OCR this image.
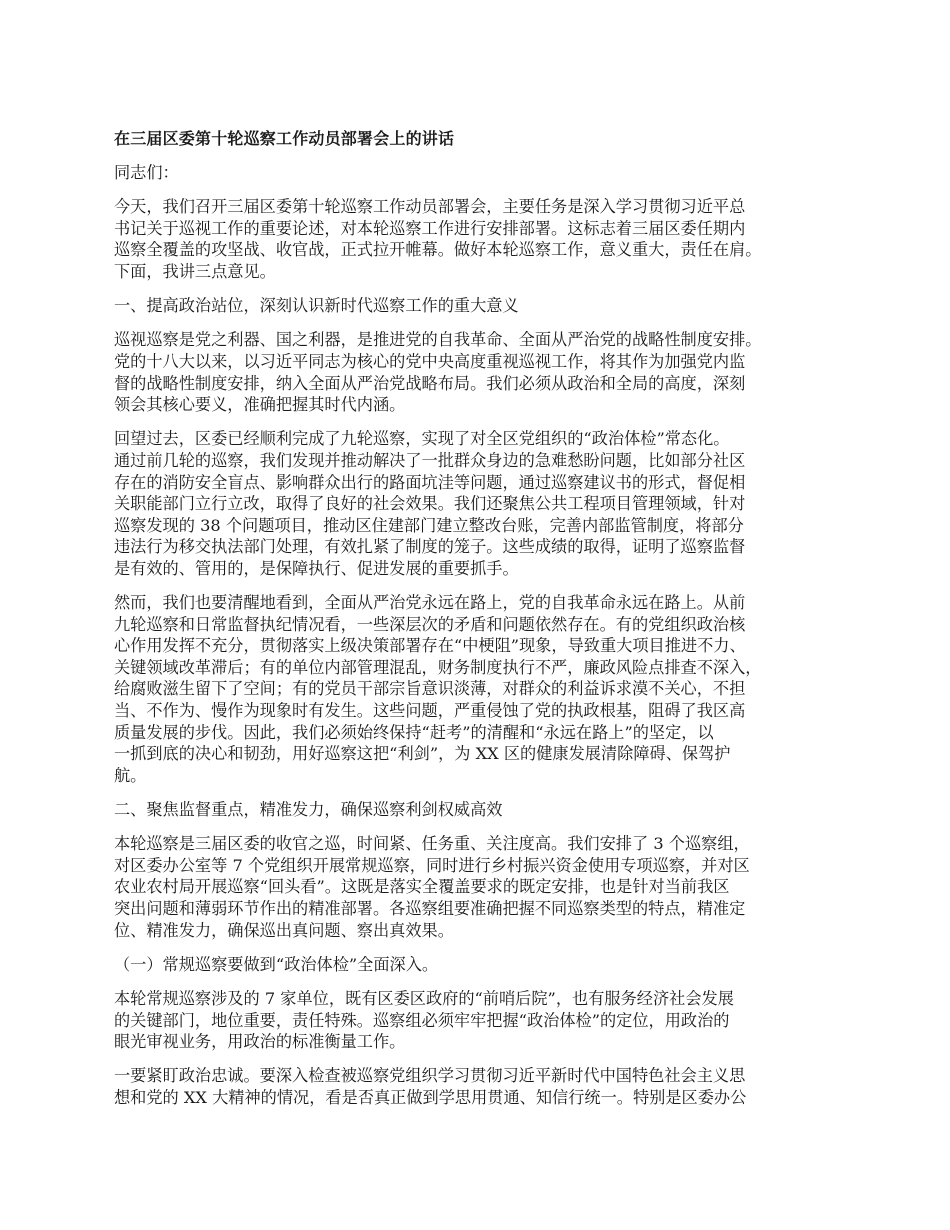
在三届区委第十轮巡察工作动员部署会上的讲话
同志们：
今天，我们召开三届区委第十轮巡察工作动员部署会，主要任务是深入学习贯彻习近平总
书记关于巡视工作的重要论述，对本轮巡察工作进行安排部署。这标志着三届区委任期内
巡察全覆盖的攻坚战、收官战，正式拉开帷幕。做好本轮巡察工作，意义重大，责任在肩。
下面，我讲三点意见。
一、提高政治站位，深刻认识新时代巡察工作的重大意义
巡视巡察是党之利器、国之利器，是推进党的自我革命、全面从严治党的战略性制度安排。
党的十八大以来，以习近平同志为核心的党中央高度重视巡视工作，将其作为加强党内监
督的战略性制度安排，纳入全面从严治党战略布局。我们必须从政治和全局的高度，深刻
领会其核心要义，准确把握其时代内涵。
回望过去，区委已经顺利完成了九轮巡察，实现了对全区党组织的“政治体检”常态化。
通过前几轮的巡察，我们发现并推动解决了一批群众身边的急难愁盼问题，比如部分社区
存在的消防安全盲点、影响群众出行的路面坑洼等问题，通过巡察建议书的形式，督促相
关职能部门立行立改，取得了良好的社会效果。我们还聚焦公共工程项目管理领域，针对
巡察发现的 38 个问题项目，推动区住建部门建立整改台账，完善内部监管制度，将部分
违法行为移交执法部门处理，有效扎紧了制度的笼子。这些成绩的取得，证明了巡察监督
是有效的、管用的，是保障执行、促进发展的重要抓手。
然而，我们也要清醒地看到，全面从严治党永远在路上，党的自我革命永远在路上。从前
九轮巡察和日常监督执纪情况看，一些深层次的矛盾和问题依然存在。有的党组织政治核
心作用发挥不充分，贯彻落实上级决策部署存在“中梗阻”现象，导致重大项目推进不力、
关键领域改革滞后；有的单位内部管理混乱，财务制度执行不严，廉政风险点排查不深入，
给腐败滋生留下了空间；有的党员干部宗旨意识淡薄，对群众的利益诉求漠不关心，不担
当、不作为、慢作为现象时有发生。这些问题，严重侵蚀了党的执政根基，阻碍了我区高
质量发展的步伐。因此，我们必须始终保持“赶考”的清醒和“永远在路上”的坚定，以
一抓到底的决心和韧劲，用好巡察这把“利剑”，为 XX 区的健康发展清除障碍、保驾护
航。
二、聚焦监督重点，精准发力，确保巡察利剑权威高效
本轮巡察是三届区委的收官之巡，时间紧、任务重、关注度高。我们安排了 3 个巡察组，
对区委办公室等 7 个党组织开展常规巡察，同时进行乡村振兴资金使用专项巡察，并对区
农业农村局开展巡察“回头看”。这既是落实全覆盖要求的既定安排，也是针对当前我区
突出问题和薄弱环节作出的精准部署。各巡察组要准确把握不同巡察类型的特点，精准定
位、精准发力，确保巡出真问题、察出真效果。
（一）常规巡察要做到“政治体检”全面深入。
本轮常规巡察涉及的 7 家单位，既有区委区政府的“前哨后院”，也有服务经济社会发展
的关键部门，地位重要，责任特殊。巡察组必须牢牢把握“政治体检”的定位，用政治的
眼光审视业务，用政治的标准衡量工作。
一要紧盯政治忠诚。要深入检查被巡察党组织学习贯彻习近平新时代中国特色社会主义思
想和党的 XX 大精神的情况，看是否真正做到学思用贯通、知信行统一。特别是区委办公
